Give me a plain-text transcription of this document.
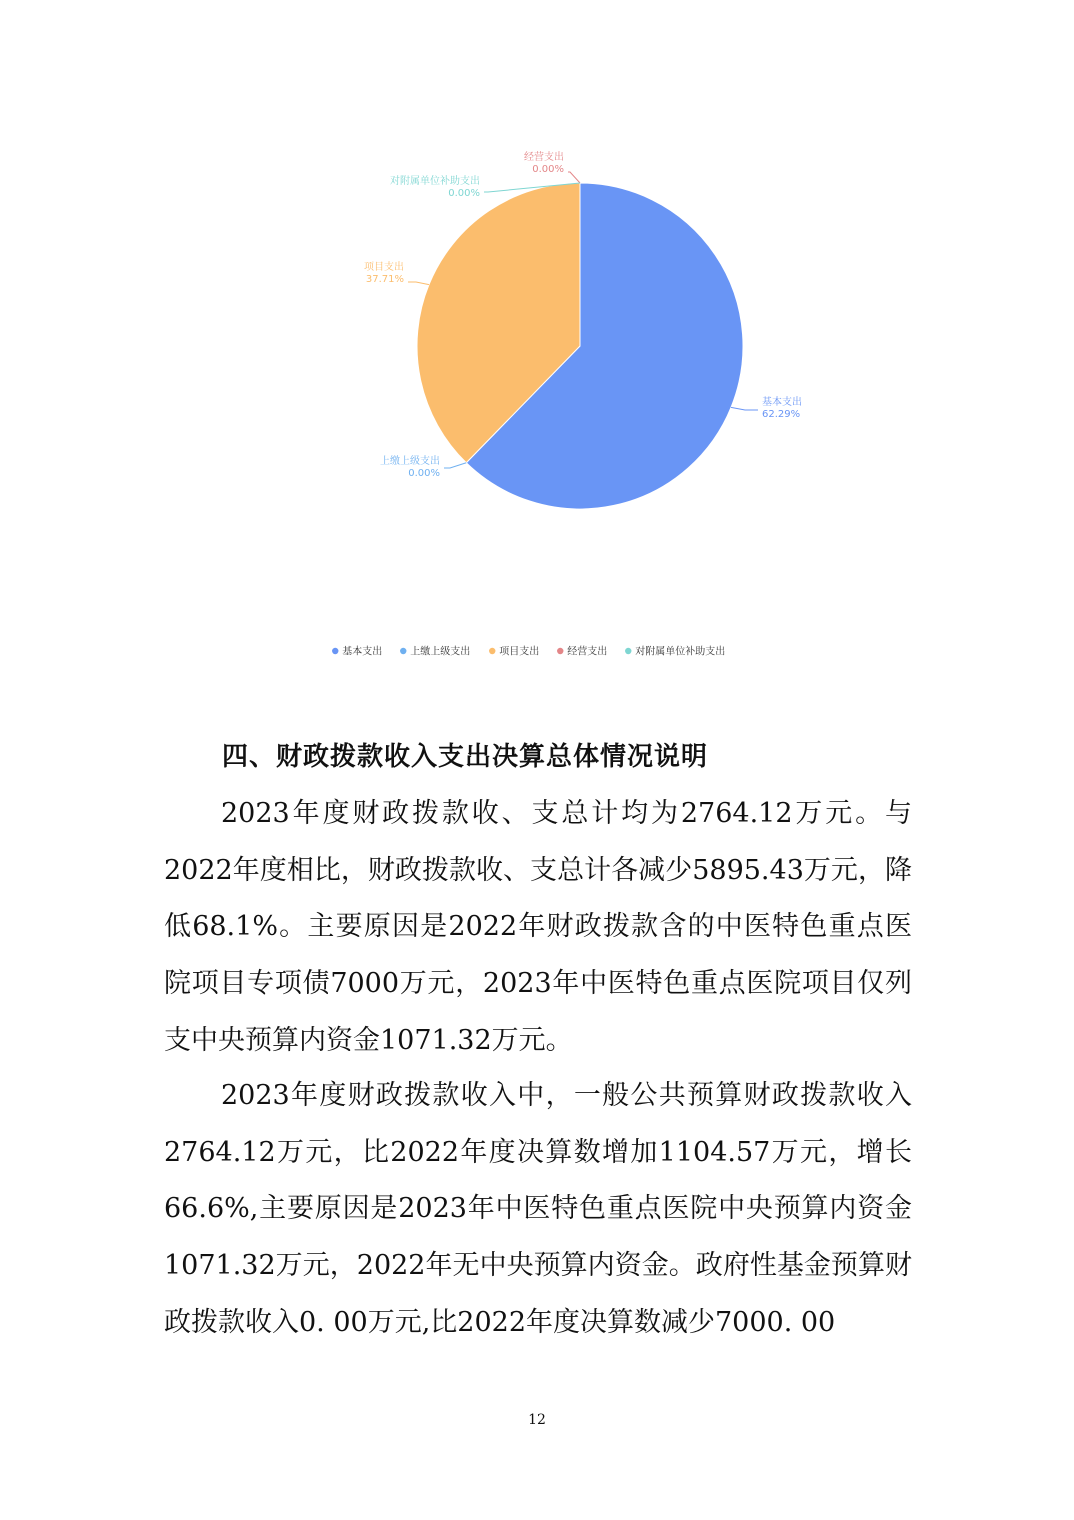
基本支出
62.29%
上缴上级支出
0.00%
项目支出
37.71%
经营支出
0.00%
对附属单位补助支出
0.00%
基本支出	上缴上级支出	项目支出	经营支出	对附属单位补助支出
四、财政拨款收入支出决算总体情况说明

2023年度财政拨款收、支总计均为2764.12万元。与2022年度相比，财政拨款收、支总计各减少5895.43万元，降低68.1%。主要原因是2022年财政拨款含的中医特色重点医院项目专项债7000万元，2023年中医特色重点医院项目仅列支中央预算内资金1071.32万元。

2023年度财政拨款收入中，一般公共预算财政拨款收入2764.12万元，比2022年度决算数增加1104.57万元，增长66.6%,主要原因是2023年中医特色重点医院中央预算内资金1071.32万元，2022年无中央预算内资金。政府性基金预算财政拨款收入0. 00万元,比2022年度决算数减少7000. 00

12
